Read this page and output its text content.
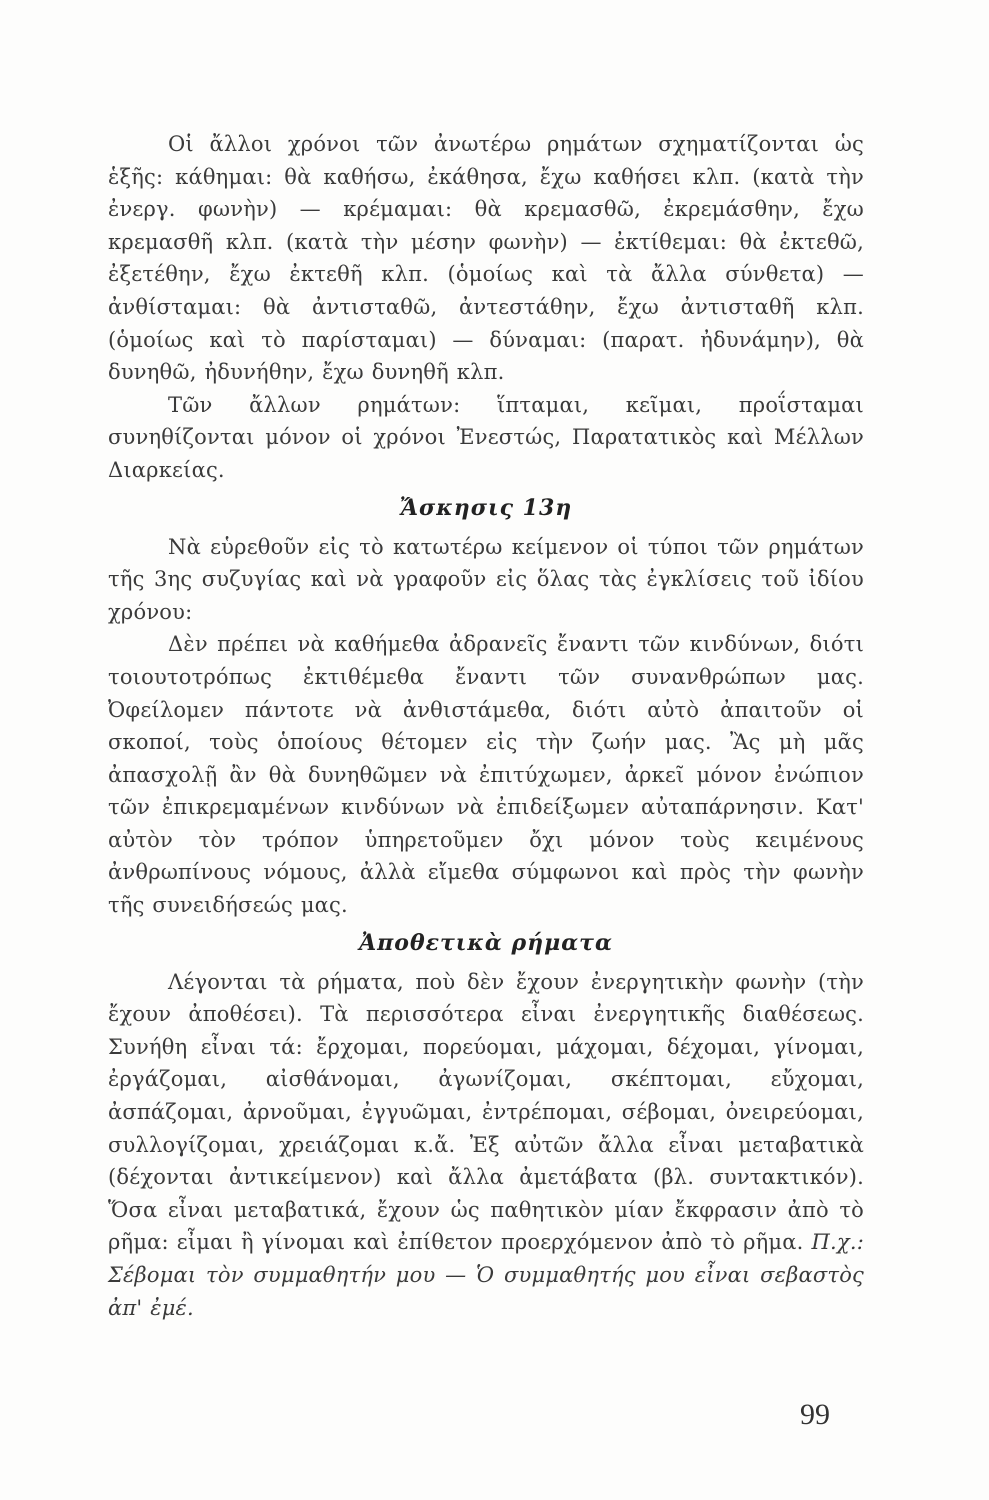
Οἱ ἄλλοι χρόνοι τῶν ἀνωτέρω ρημάτων σχηματίζονται ὡς ἑξῆς: κάθημαι: θὰ καθήσω, ἐκάθησα, ἔχω καθήσει κλπ. (κατὰ τὴν ἐνεργ. φωνὴν) — κρέμαμαι: θὰ κρεμασθῶ, ἐκρεμάσθην, ἔχω κρεμασθῆ κλπ. (κατὰ τὴν μέσην φωνὴν) — ἐκτίθεμαι: θὰ ἐκτεθῶ, ἐξετέθην, ἔχω ἐκτεθῆ κλπ. (ὁμοίως καὶ τὰ ἄλλα σύνθετα) — ἀνθίσταμαι: θὰ ἀντισταθῶ, ἀντεστάθην, ἔχω ἀντισταθῆ κλπ. (ὁμοίως καὶ τὸ παρίσταμαι) — δύναμαι: (παρατ. ἠδυνάμην), θὰ δυνηθῶ, ἠδυνήθην, ἔχω δυνηθῆ κλπ.

Τῶν ἄλλων ρημάτων: ἵπταμαι, κεῖμαι, προΐσταμαι συνηθίζονται μόνον οἱ χρόνοι Ἐνεστώς, Παρατατικὸς καὶ Μέλλων Διαρκείας.

Ἄσκησις 13η

Νὰ εὑρεθοῦν εἰς τὸ κατωτέρω κείμενον οἱ τύποι τῶν ρημάτων τῆς 3ης συζυγίας καὶ νὰ γραφοῦν εἰς ὅλας τὰς ἐγκλίσεις τοῦ ἰδίου χρόνου:

Δὲν πρέπει νὰ καθήμεθα ἀδρανεῖς ἔναντι τῶν κινδύνων, διότι τοιουτοτρόπως ἐκτιθέμεθα ἔναντι τῶν συνανθρώπων μας. Ὀφείλομεν πάντοτε νὰ ἀνθιστάμεθα, διότι αὐτὸ ἀπαιτοῦν οἱ σκοποί, τοὺς ὁποίους θέτομεν εἰς τὴν ζωήν μας. Ἂς μὴ μᾶς ἀπασχολῇ ἂν θὰ δυνηθῶμεν νὰ ἐπιτύχωμεν, ἀρκεῖ μόνον ἐνώπιον τῶν ἐπικρεμαμένων κινδύνων νὰ ἐπιδείξωμεν αὐταπάρνησιν. Κατ' αὐτὸν τὸν τρόπον ὑπηρετοῦμεν ὄχι μόνον τοὺς κειμένους ἀνθρωπίνους νόμους, ἀλλὰ εἴμεθα σύμφωνοι καὶ πρὸς τὴν φωνὴν τῆς συνειδήσεώς μας.

Ἀποθετικὰ ρήματα

Λέγονται τὰ ρήματα, ποὺ δὲν ἔχουν ἐνεργητικὴν φωνὴν (τὴν ἔχουν ἀποθέσει). Τὰ περισσότερα εἶναι ἐνεργητικῆς διαθέσεως. Συνήθη εἶναι τά: ἔρχομαι, πορεύομαι, μάχομαι, δέχομαι, γίνομαι, ἐργάζομαι, αἰσθάνομαι, ἀγωνίζομαι, σκέπτομαι, εὔχομαι, ἀσπάζομαι, ἀρνοῦμαι, ἐγγυῶμαι, ἐντρέπομαι, σέβομαι, ὀνειρεύομαι, συλλογίζομαι, χρειάζομαι κ.ἄ. Ἐξ αὐτῶν ἄλλα εἶναι μεταβατικὰ (δέχονται ἀντικείμενον) καὶ ἄλλα ἀμετάβατα (βλ. συντακτικόν). Ὅσα εἶναι μεταβατικά, ἔχουν ὡς παθητικὸν μίαν ἔκφρασιν ἀπὸ τὸ ρῆμα: εἶμαι ἢ γίνομαι καὶ ἐπίθετον προερχόμενον ἀπὸ τὸ ρῆμα. Π.χ.: Σέβομαι τὸν συμμαθητήν μου — Ὁ συμμαθητής μου εἶναι σεβαστὸς ἀπ' ἐμέ.

99
